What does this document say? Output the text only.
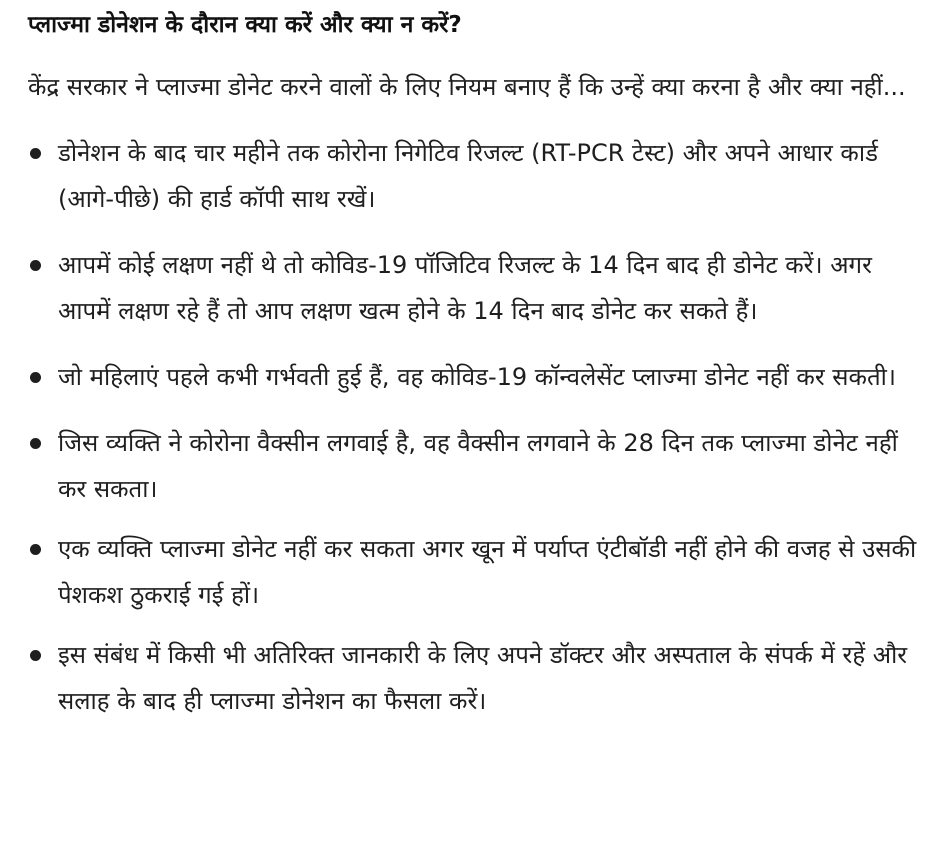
प्लाज्मा डोनेशन के दौरान क्या करें और क्या न करें?

केंद्र सरकार ने प्लाज्मा डोनेट करने वालों के लिए नियम बनाए हैं कि उन्हें क्या करना है और क्या नहीं...

डोनेशन के बाद चार महीने तक कोरोना निगेटिव रिजल्ट (RT-PCR टेस्ट) और अपने आधार कार्ड (आगे-पीछे) की हार्ड कॉपी साथ रखें।
आपमें कोई लक्षण नहीं थे तो कोविड-19 पॉजिटिव रिजल्ट के 14 दिन बाद ही डोनेट करें। अगर आपमें लक्षण रहे हैं तो आप लक्षण खत्म होने के 14 दिन बाद डोनेट कर सकते हैं।
जो महिलाएं पहले कभी गर्भवती हुई हैं, वह कोविड-19 कॉन्वलेसेंट प्लाज्मा डोनेट नहीं कर सकती।
जिस व्यक्ति ने कोरोना वैक्सीन लगवाई है, वह वैक्सीन लगवाने के 28 दिन तक प्लाज्मा डोनेट नहीं कर सकता।
एक व्यक्ति प्लाज्मा डोनेट नहीं कर सकता अगर खून में पर्याप्त एंटीबॉडी नहीं होने की वजह से उसकी पेशकश ठुकराई गई हों।
इस संबंध में किसी भी अतिरिक्त जानकारी के लिए अपने डॉक्टर और अस्पताल के संपर्क में रहें और सलाह के बाद ही प्लाज्मा डोनेशन का फैसला करें।
